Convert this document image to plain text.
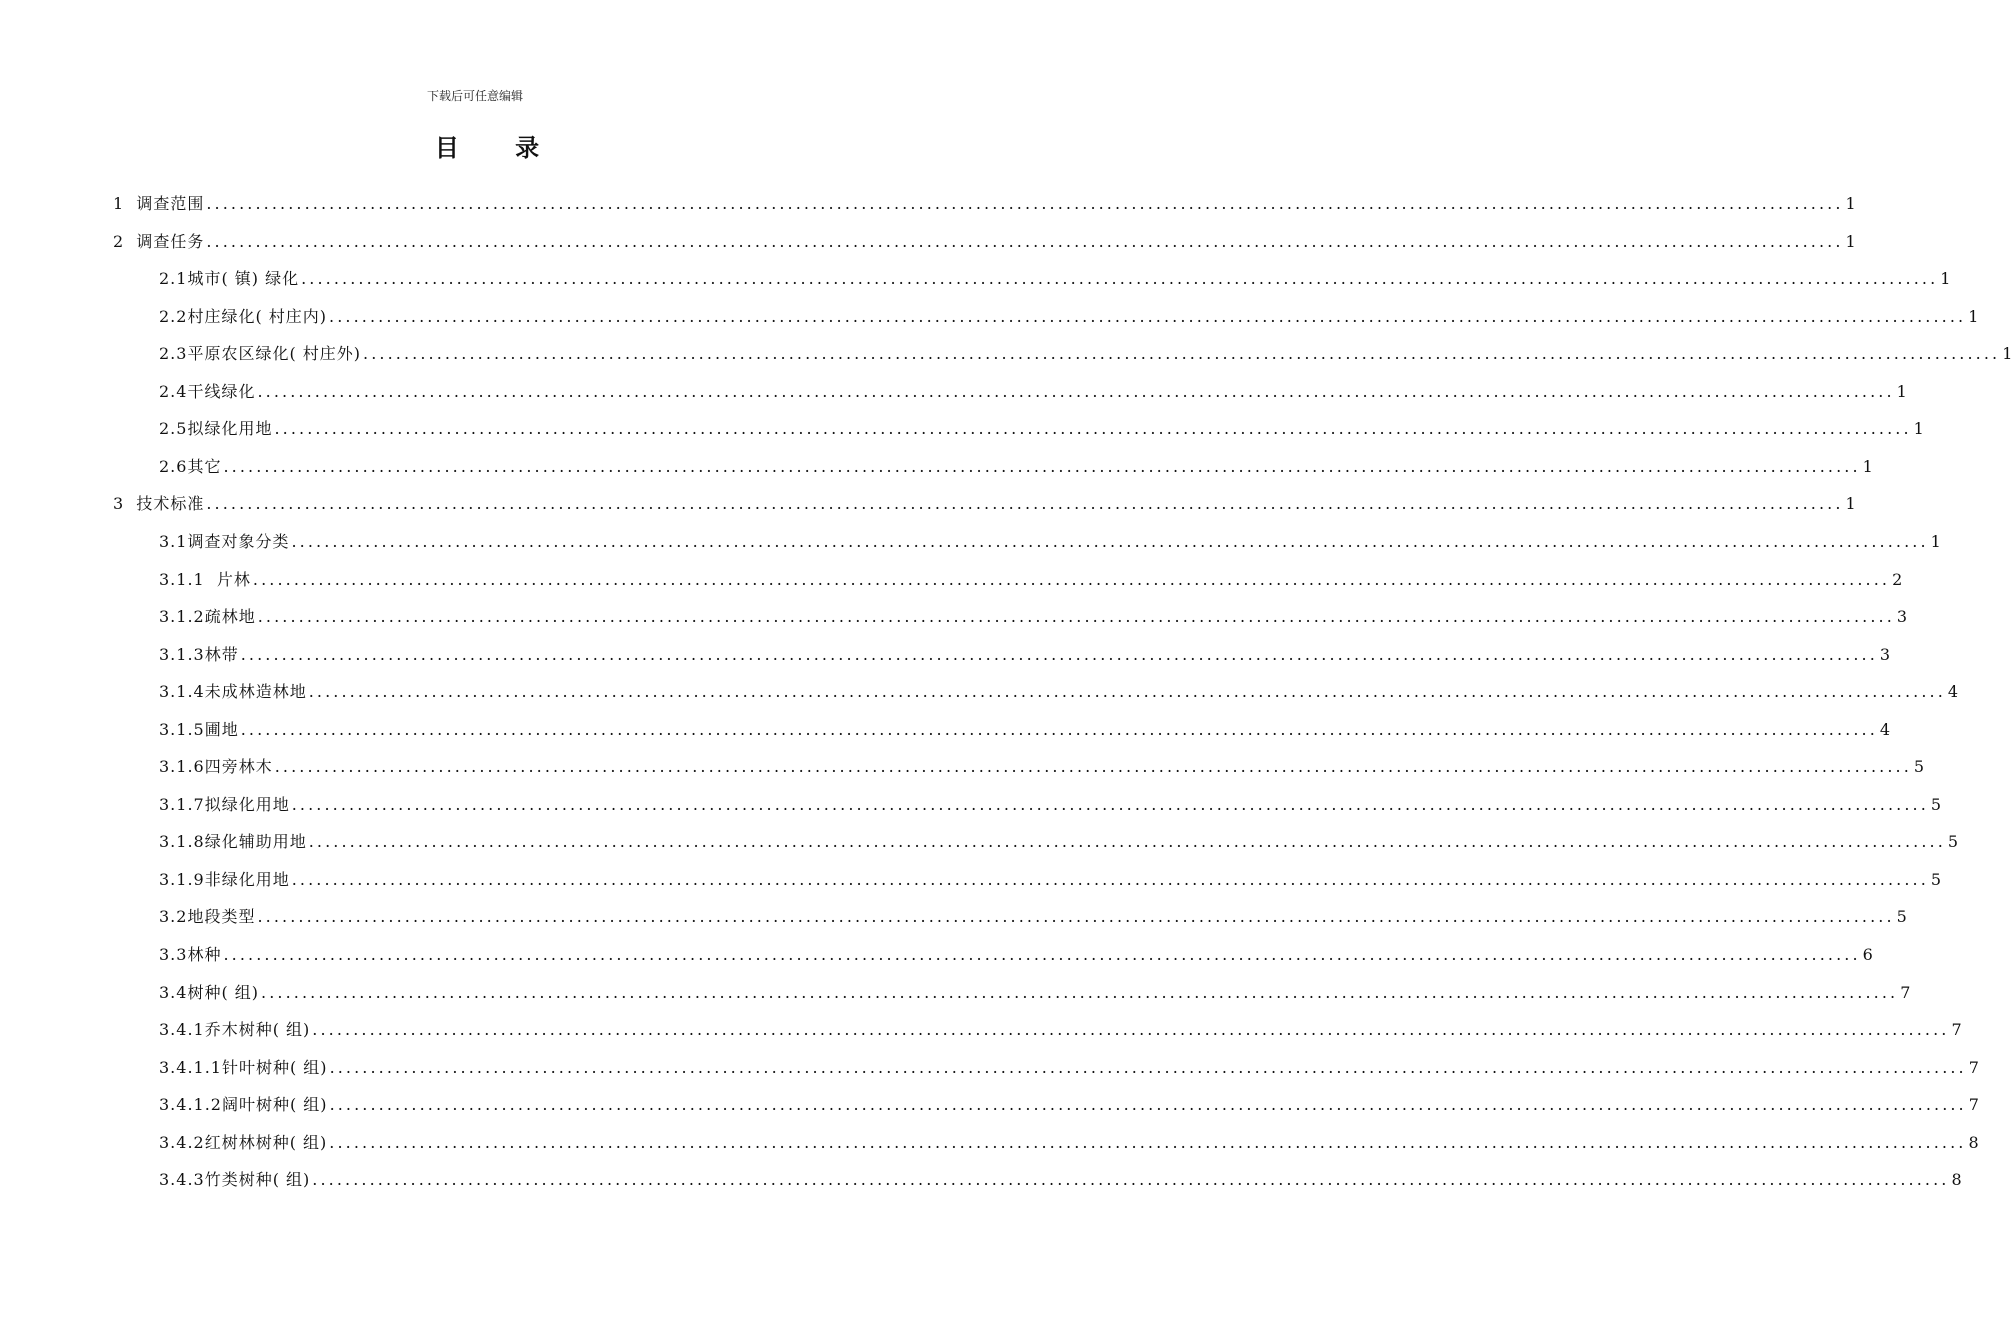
下载后可任意编辑
目 录
1  调查范围 ........................................................................................................................................................................................................ 1
2  调查任务 ........................................................................................................................................................................................................ 1
2.1城市( 镇) 绿化 ........................................................................................................................................................................................................ 1
2.2村庄绿化( 村庄内) ........................................................................................................................................................................................................ 1
2.3平原农区绿化( 村庄外) ........................................................................................................................................................................................................ 1
2.4干线绿化 ........................................................................................................................................................................................................ 1
2.5拟绿化用地 ........................................................................................................................................................................................................ 1
2.6其它 ........................................................................................................................................................................................................ 1
3  技术标准 ........................................................................................................................................................................................................ 1
3.1调查对象分类 ........................................................................................................................................................................................................ 1
3.1.1  片林 ........................................................................................................................................................................................................ 2
3.1.2疏林地 ........................................................................................................................................................................................................ 3
3.1.3林带 ........................................................................................................................................................................................................ 3
3.1.4未成林造林地 ........................................................................................................................................................................................................ 4
3.1.5圃地 ........................................................................................................................................................................................................ 4
3.1.6四旁林木 ........................................................................................................................................................................................................ 5
3.1.7拟绿化用地 ........................................................................................................................................................................................................ 5
3.1.8绿化辅助用地 ........................................................................................................................................................................................................ 5
3.1.9非绿化用地 ........................................................................................................................................................................................................ 5
3.2地段类型 ........................................................................................................................................................................................................ 5
3.3林种 ........................................................................................................................................................................................................ 6
3.4树种( 组) ........................................................................................................................................................................................................ 7
3.4.1乔木树种( 组) ........................................................................................................................................................................................................ 7
3.4.1.1针叶树种( 组) ........................................................................................................................................................................................................ 7
3.4.1.2阔叶树种( 组) ........................................................................................................................................................................................................ 7
3.4.2红树林树种( 组) ........................................................................................................................................................................................................ 8
3.4.3竹类树种( 组) ........................................................................................................................................................................................................ 8
